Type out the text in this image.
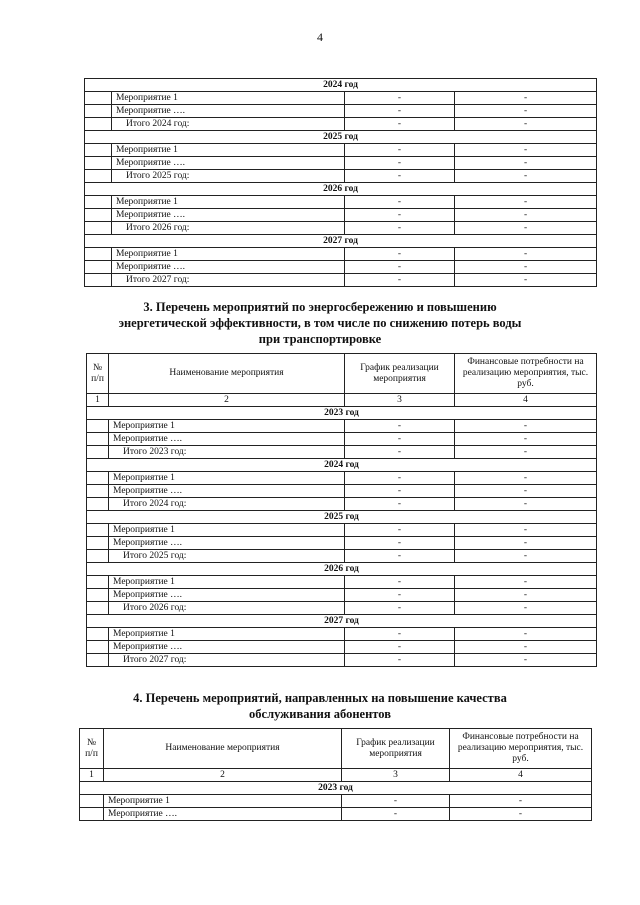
4
2024 год			
	Мероприятие 1	-	-
	Мероприятие ….	-	-
	Итого 2024 год:	-	-
2025 год			
	Мероприятие 1	-	-
	Мероприятие ….	-	-
	Итого 2025 год:	-	-
2026 год			
	Мероприятие 1	-	-
	Мероприятие ….	-	-
	Итого 2026 год:	-	-
2027 год			
	Мероприятие 1	-	-
	Мероприятие ….	-	-
	Итого 2027 год:	-	-
3. Перечень мероприятий по энергосбережению и повышению
энергетической эффективности, в том числе по снижению потерь воды
при транспортировке
№ п/п	Наименование мероприятия	График реализации мероприятия	Финансовые потребности на реализацию мероприятия, тыс. руб.
1	2	3	4
2023 год			
	Мероприятие 1	-	-
	Мероприятие ….	-	-
	Итого 2023 год:	-	-
2024 год			
	Мероприятие 1	-	-
	Мероприятие ….	-	-
	Итого 2024 год:	-	-
2025 год			
	Мероприятие 1	-	-
	Мероприятие ….	-	-
	Итого 2025 год:	-	-
2026 год			
	Мероприятие 1	-	-
	Мероприятие ….	-	-
	Итого 2026 год:	-	-
2027 год			
	Мероприятие 1	-	-
	Мероприятие ….	-	-
	Итого 2027 год:	-	-
4. Перечень мероприятий, направленных на повышение качества
обслуживания абонентов
№ п/п	Наименование мероприятия	График реализации мероприятия	Финансовые потребности на реализацию мероприятия, тыс. руб.
1	2	3	4
2023 год			
	Мероприятие 1	-	-
	Мероприятие ….	-	-
